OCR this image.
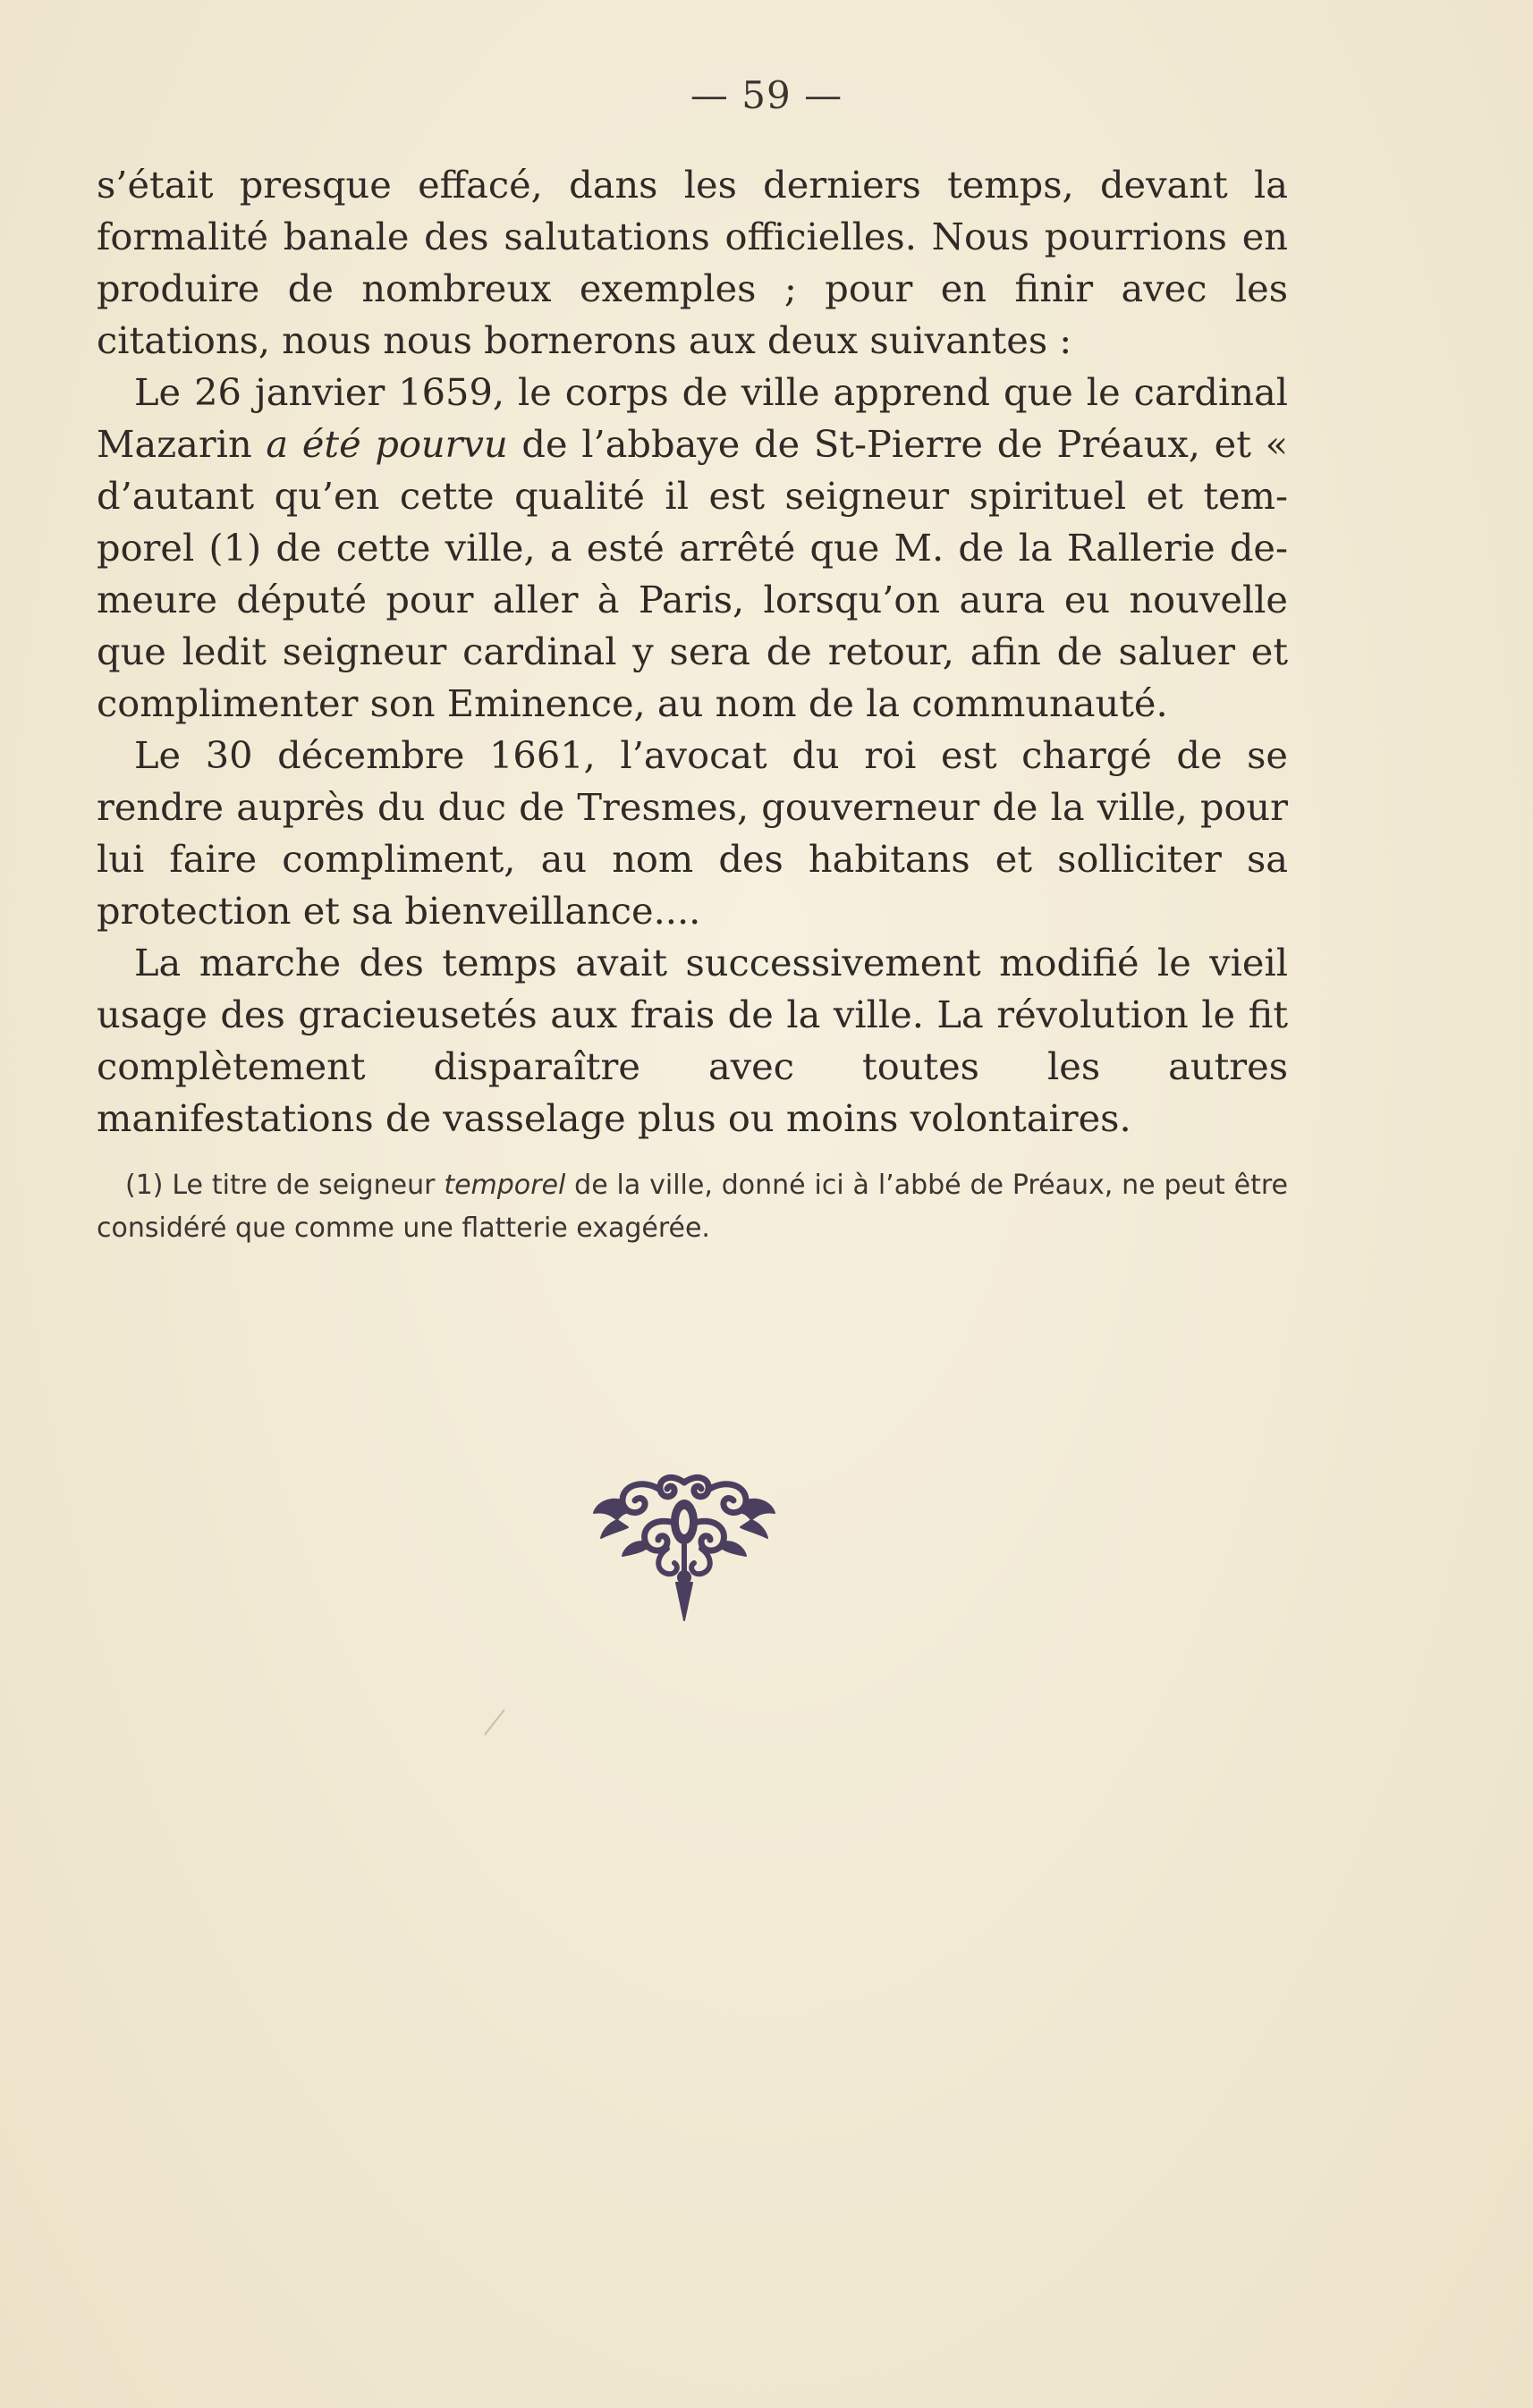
— 59 —

s’était presque effacé, dans les derniers temps, devant la formalité banale des salutations officielles. Nous pourrions en produire de nombreux exemples ; pour en finir avec les citations, nous nous bornerons aux deux suivantes :

Le 26 janvier 1659, le corps de ville apprend que le cardinal Mazarin a été pourvu de l’abbaye de St-Pierre de Préaux, et « d’autant qu’en cette qualité il est seigneur spirituel et temporel (1) de cette ville, a esté arrêté que M. de la Rallerie demeure député pour aller à Paris, lorsqu’on aura eu nouvelle que ledit seigneur cardinal y sera de retour, afin de saluer et complimenter son Eminence, au nom de la communauté.

Le 30 décembre 1661, l’avocat du roi est chargé de se rendre auprès du duc de Tresmes, gouverneur de la ville, pour lui faire compliment, au nom des habitans et solliciter sa protection et sa bienveillance....

La marche des temps avait successivement modifié le vieil usage des gracieusetés aux frais de la ville. La révolution le fit complètement disparaître avec toutes les autres manifestations de vasselage plus ou moins volontaires.

(1) Le titre de seigneur temporel de la ville, donné ici à l’abbé de Préaux, ne peut être considéré que comme une flatterie exagérée.
